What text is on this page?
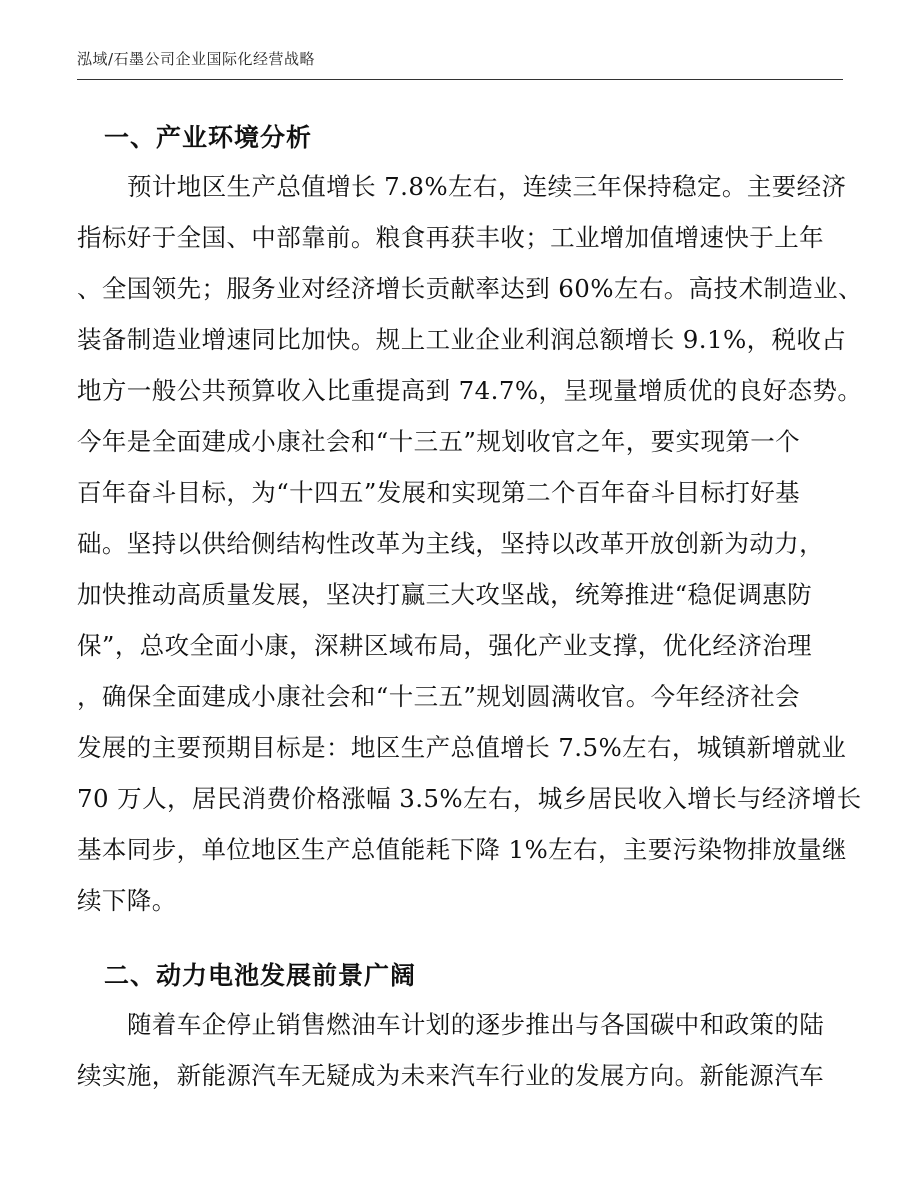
泓域/石墨公司企业国际化经营战略
一、产业环境分析
预计地区生产总值增长 7.8%左右，连续三年保持稳定。主要经济
指标好于全国、中部靠前。粮食再获丰收；工业增加值增速快于上年
、全国领先；服务业对经济增长贡献率达到 60%左右。高技术制造业、
装备制造业增速同比加快。规上工业企业利润总额增长 9.1%，税收占
地方一般公共预算收入比重提高到 74.7%，呈现量增质优的良好态势。
今年是全面建成小康社会和“十三五”规划收官之年，要实现第一个
百年奋斗目标，为“十四五”发展和实现第二个百年奋斗目标打好基
础。坚持以供给侧结构性改革为主线，坚持以改革开放创新为动力，
加快推动高质量发展，坚决打赢三大攻坚战，统筹推进“稳促调惠防
保”，总攻全面小康，深耕区域布局，强化产业支撑，优化经济治理
，确保全面建成小康社会和“十三五”规划圆满收官。今年经济社会
发展的主要预期目标是：地区生产总值增长 7.5%左右，城镇新增就业
70 万人，居民消费价格涨幅 3.5%左右，城乡居民收入增长与经济增长
基本同步，单位地区生产总值能耗下降 1%左右，主要污染物排放量继
续下降。
二、动力电池发展前景广阔
随着车企停止销售燃油车计划的逐步推出与各国碳中和政策的陆
续实施，新能源汽车无疑成为未来汽车行业的发展方向。新能源汽车
